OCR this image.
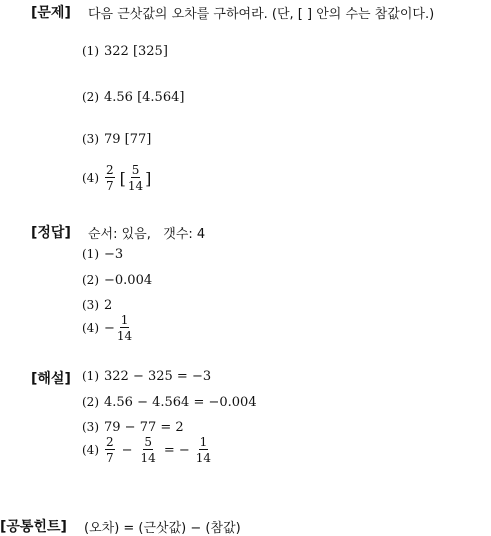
[문제] 다음 근삿값의 오차를 구하여라. (단, [ ] 안의 수는 참값이다.)
(1) 322 [325]
(2) 4.56 [4.564]
(3) 79 [77]
(4)
2
7 [ 5
14 ]
[정답] 순서: 있음,   갯수: 4
(1) −3
(2) −0.004
(3) 2
$(4) - \frac{1}{14}$
[해설] (1) 322 − 325 = −3
(2) 4.56 − 4.564 = −0.004
(3) 79 − 77 = 2
(4)
2
7
− $\frac{5}{14}$ = − $\frac{1}{14}$
[공통힌트] (오차) = (근삿값) − (참값)
